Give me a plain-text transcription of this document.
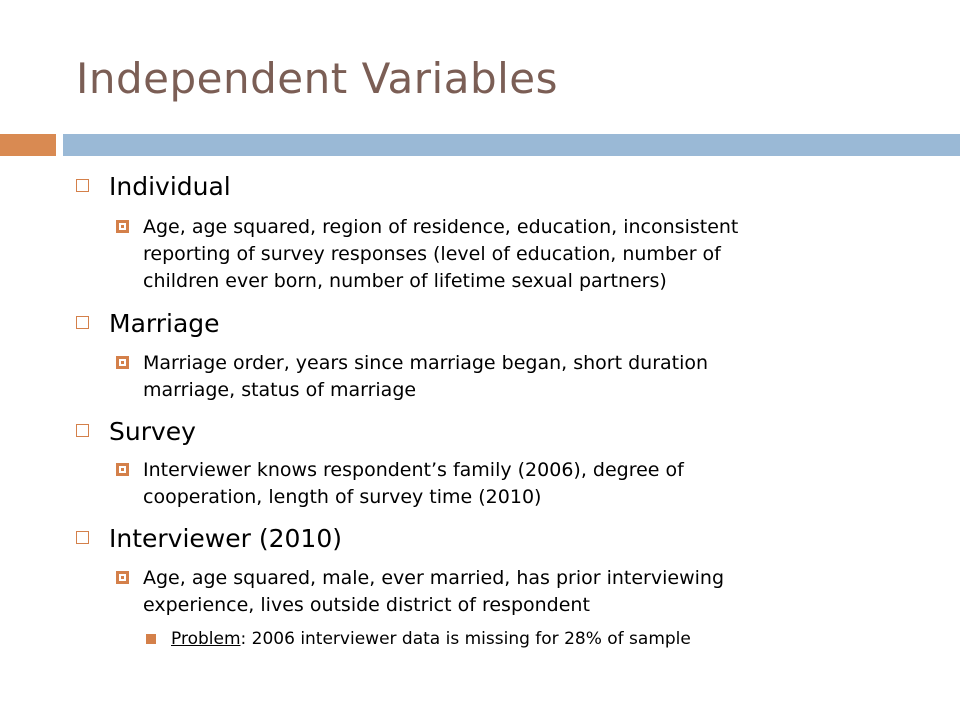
Independent Variables
Individual
Age, age squared, region of residence, education, inconsistent
reporting of survey responses (level of education, number of
children ever born, number of lifetime sexual partners)
Marriage
Marriage order, years since marriage began, short duration
marriage, status of marriage
Survey
Interviewer knows respondent’s family (2006), degree of
cooperation, length of survey time (2010)
Interviewer (2010)
Age, age squared, male, ever married, has prior interviewing
experience, lives outside district of respondent
Problem: 2006 interviewer data is missing for 28% of sample
